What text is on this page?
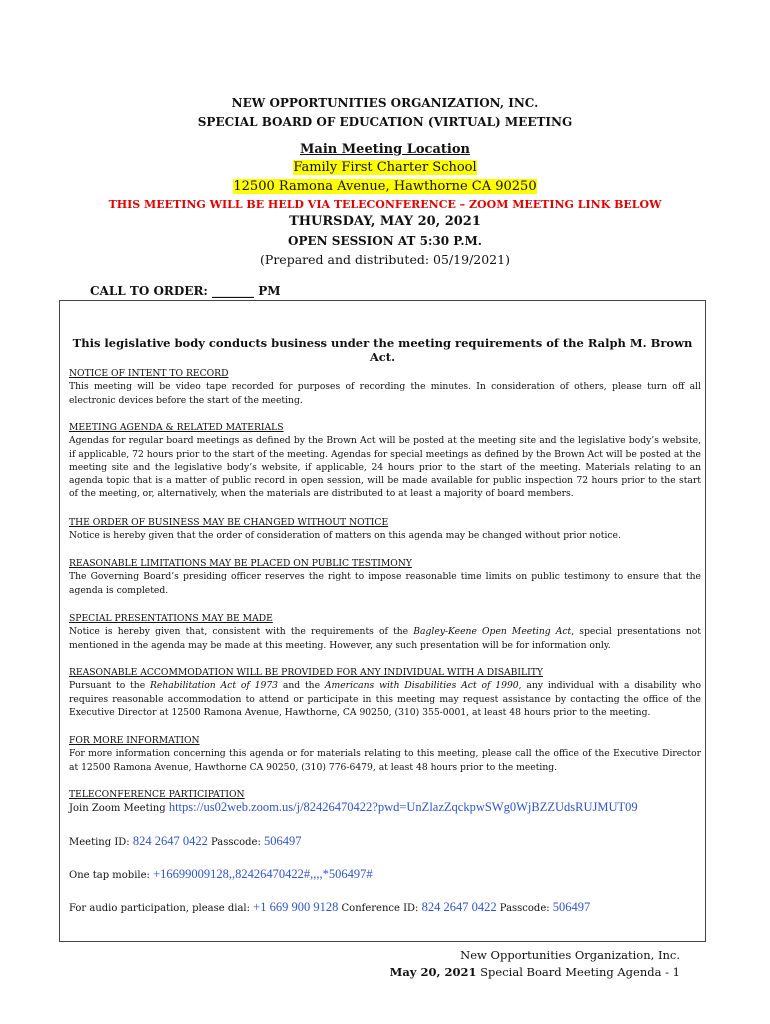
NEW OPPORTUNITIES ORGANIZATION, INC.
SPECIAL BOARD OF EDUCATION (VIRTUAL) MEETING
Main Meeting Location
Family First Charter School
12500 Ramona Avenue, Hawthorne CA 90250
THIS MEETING WILL BE HELD VIA TELECONFERENCE – ZOOM MEETING LINK BELOW
THURSDAY, MAY 20, 2021
OPEN SESSION AT 5:30 P.M.
(Prepared and distributed: 05/19/2021)
CALL TO ORDER: _______ PM
This legislative body conducts business under the meeting requirements of the Ralph M. Brown Act.
NOTICE OF INTENT TO RECORD

This meeting will be video tape recorded for purposes of recording the minutes. In consideration of others, please turn off all electronic devices before the start of the meeting.

MEETING AGENDA & RELATED MATERIALS

Agendas for regular board meetings as defined by the Brown Act will be posted at the meeting site and the legislative body’s website, if applicable, 72 hours prior to the start of the meeting. Agendas for special meetings as defined by the Brown Act will be posted at the meeting site and the legislative body’s website, if applicable, 24 hours prior to the start of the meeting. Materials relating to an agenda topic that is a matter of public record in open session, will be made available for public inspection 72 hours prior to the start of the meeting, or, alternatively, when the materials are distributed to at least a majority of board members.

THE ORDER OF BUSINESS MAY BE CHANGED WITHOUT NOTICE

Notice is hereby given that the order of consideration of matters on this agenda may be changed without prior notice.

REASONABLE LIMITATIONS MAY BE PLACED ON PUBLIC TESTIMONY

The Governing Board’s presiding officer reserves the right to impose reasonable time limits on public testimony to ensure that the agenda is completed.

SPECIAL PRESENTATIONS MAY BE MADE

Notice is hereby given that, consistent with the requirements of the Bagley-Keene Open Meeting Act, special presentations not mentioned in the agenda may be made at this meeting. However, any such presentation will be for information only.

REASONABLE ACCOMMODATION WILL BE PROVIDED FOR ANY INDIVIDUAL WITH A DISABILITY

Pursuant to the Rehabilitation Act of 1973 and the Americans with Disabilities Act of 1990, any individual with a disability who requires reasonable accommodation to attend or participate in this meeting may request assistance by contacting the office of the Executive Director at 12500 Ramona Avenue, Hawthorne, CA 90250, (310) 355-0001, at least 48 hours prior to the meeting.

FOR MORE INFORMATION

For more information concerning this agenda or for materials relating to this meeting, please call the office of the Executive Director at 12500 Ramona Avenue, Hawthorne CA 90250, (310) 776-6479, at least 48 hours prior to the meeting.

TELECONFERENCE PARTICIPATION
Join Zoom Meeting https://us02web.zoom.us/j/82426470422?pwd=UnZlazZqckpwSWg0WjBZZUdsRUJMUT09
Meeting ID: 824 2647 0422 Passcode: 506497
One tap mobile: +16699009128,,82426470422#,,,,*506497#
For audio participation, please dial: +1 669 900 9128 Conference ID: 824 2647 0422 Passcode: 506497
New Opportunities Organization, Inc.
May 20, 2021 Special Board Meeting Agenda - 1
